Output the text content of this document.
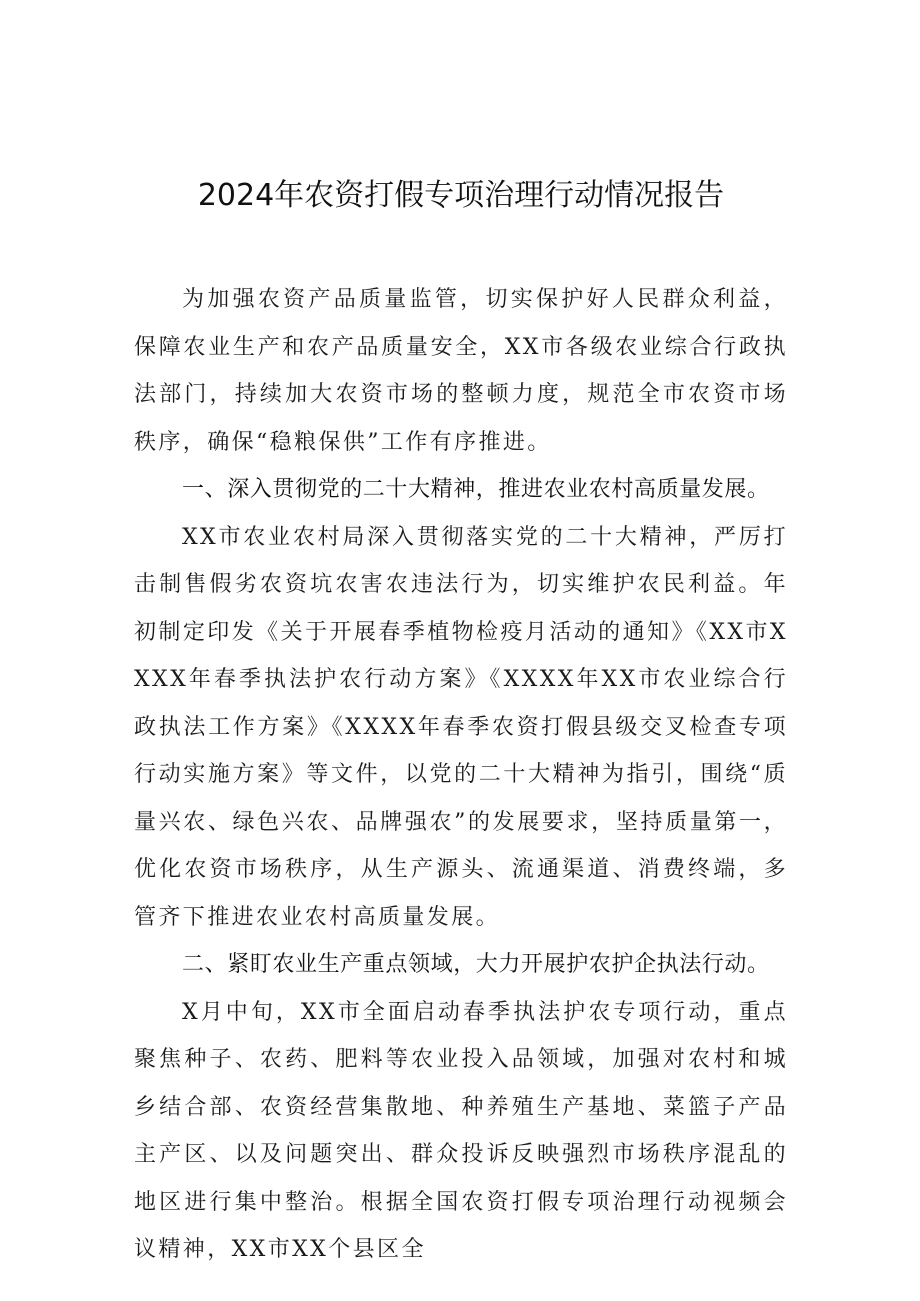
2024年农资打假专项治理行动情况报告

为加强农资产品质量监管，切实保护好人民群众利益，保障农业生产和农产品质量安全，XX市各级农业综合行政执法部门，持续加大农资市场的整顿力度，规范全市农资市场秩序，确保“稳粮保供”工作有序推进。

一、深入贯彻党的二十大精神，推进农业农村高质量发展。

XX市农业农村局深入贯彻落实党的二十大精神，严厉打击制售假劣农资坑农害农违法行为，切实维护农民利益。年初制定印发《关于开展春季植物检疫月活动的通知》《XX市XXXX年春季执法护农行动方案》《XXXX年XX市农业综合行政执法工作方案》《XXXX年春季农资打假县级交叉检查专项行动实施方案》等文件，以党的二十大精神为指引，围绕“质量兴农、绿色兴农、品牌强农”的发展要求，坚持质量第一，优化农资市场秩序，从生产源头、流通渠道、消费终端，多管齐下推进农业农村高质量发展。

二、紧盯农业生产重点领域，大力开展护农护企执法行动。

X月中旬，XX市全面启动春季执法护农专项行动，重点聚焦种子、农药、肥料等农业投入品领域，加强对农村和城乡结合部、农资经营集散地、种养殖生产基地、菜篮子产品主产区、以及问题突出、群众投诉反映强烈市场秩序混乱的地区进行集中整治。根据全国农资打假专项治理行动视频会议精神，XX市XX个县区全
